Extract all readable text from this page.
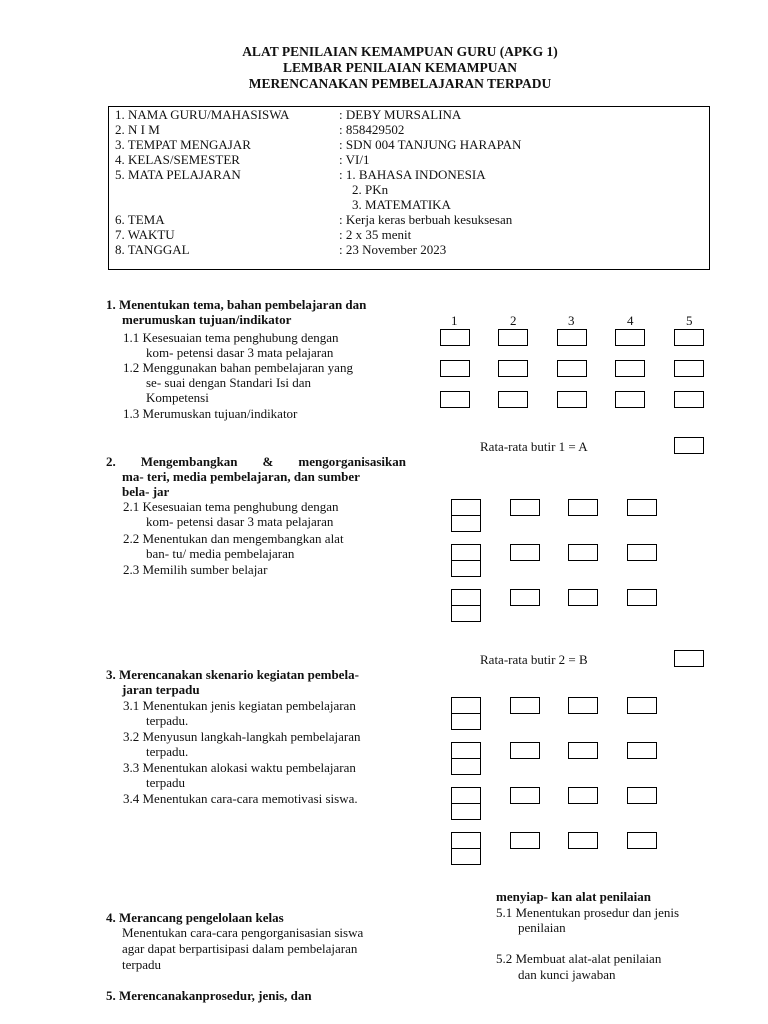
ALAT PENILAIAN KEMAMPUAN GURU (APKG 1)
LEMBAR PENILAIAN KEMAMPUAN
MERENCANAKAN PEMBELAJARAN TERPADU
1. NAMA GURU/MAHASISWA	: DEBY MURSALINA
2. N I M	: 858429502
3. TEMPAT MENGAJAR	: SDN 004 TANJUNG HARAPAN
4. KELAS/SEMESTER	: VI/1
5. MATA PELAJARAN	: 1. BAHASA INDONESIA
2. PKn
3. MATEMATIKA
6. TEMA	: Kerja keras berbuah kesuksesan
7. WAKTU	: 2 x 35 menit
8. TANGGAL	: 23 November 2023
1. Menentukan tema, bahan pembelajaran dan
merumuskan tujuan/indikator	1	2	3	4	5
1.1 Kesesuaian tema penghubung dengan
kom- petensi dasar 3 mata pelajaran
1.2 Menggunakan bahan pembelajaran yang
se- suai dengan Standari Isi dan
Kompetensi
1.3 Merumuskan tujuan/indikator
Rata-rata butir 1 = A
2. Mengembangkan & mengorganisasikan
ma- teri, media pembelajaran, dan sumber
bela- jar
2.1 Kesesuaian tema penghubung dengan
kom- petensi dasar 3 mata pelajaran
2.2 Menentukan dan mengembangkan alat
ban- tu/ media pembelajaran
2.3 Memilih sumber belajar
Rata-rata butir 2 = B
3. Merencanakan skenario kegiatan pembela-
jaran terpadu
3.1 Menentukan jenis kegiatan pembelajaran
terpadu.
3.2 Menyusun langkah-langkah pembelajaran
terpadu.
3.3 Menentukan alokasi waktu pembelajaran
terpadu
3.4 Menentukan cara-cara memotivasi siswa.
menyiap- kan alat penilaian
5.1 Menentukan prosedur dan jenis
penilaian
5.2 Membuat alat-alat penilaian
dan kunci jawaban
4. Merancang pengelolaan kelas
Menentukan cara-cara pengorganisasian siswa
agar dapat berpartisipasi dalam pembelajaran
terpadu
5. Merencanakanprosedur, jenis, dan
